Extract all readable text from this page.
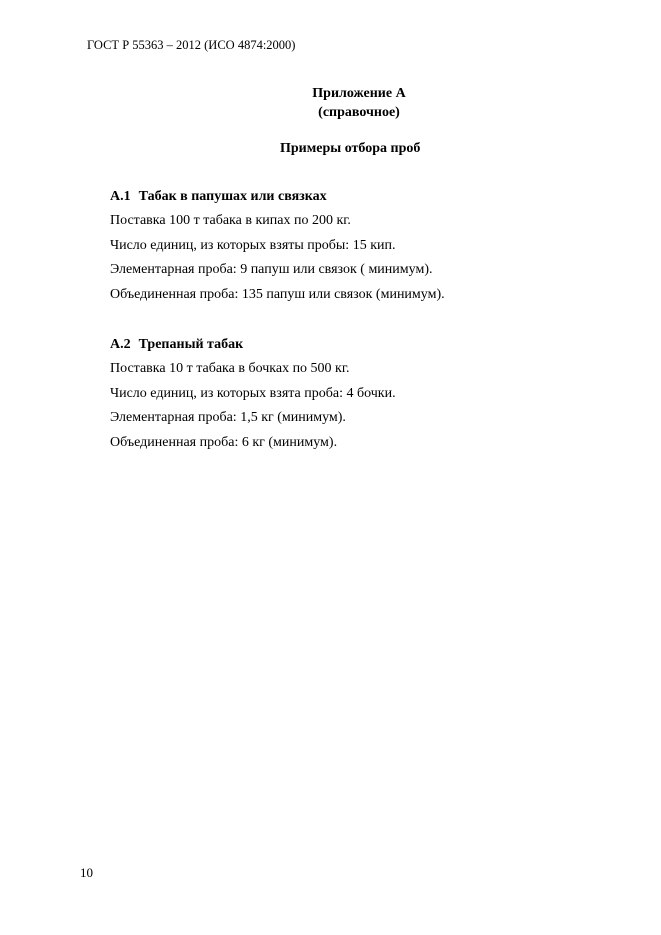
ГОСТ Р 55363 – 2012 (ИСО 4874:2000)
Приложение А
(справочное)
Примеры отбора проб
А.1 Табак в папушах или связках
Поставка 100 т табака в кипах по 200 кг.
Число единиц, из которых взяты пробы: 15 кип.
Элементарная проба: 9 папуш или связок ( минимум).
Объединенная проба: 135 папуш или связок (минимум).
А.2 Трепаный табак
Поставка 10 т табака в бочках по 500 кг.
Число единиц, из которых взята проба: 4 бочки.
Элементарная проба: 1,5 кг (минимум).
Объединенная проба: 6 кг (минимум).
10
